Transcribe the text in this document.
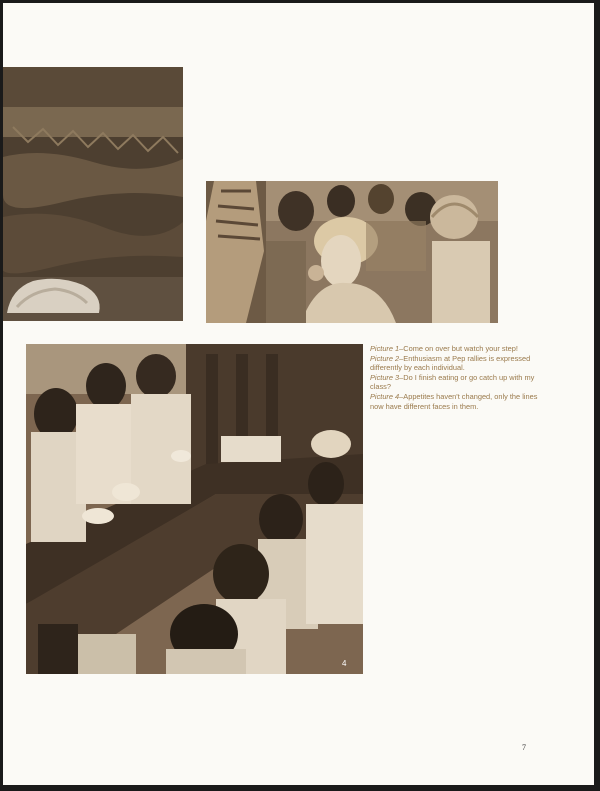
4

Picture 1–Come on over but watch your step!

Picture 2–Enthusiasm at Pep rallies is expressed differently by each individual.

Picture 3–Do I finish eating or go catch up with my class?

Picture 4–Appetites haven't changed, only the lines now have different faces in them.

7
